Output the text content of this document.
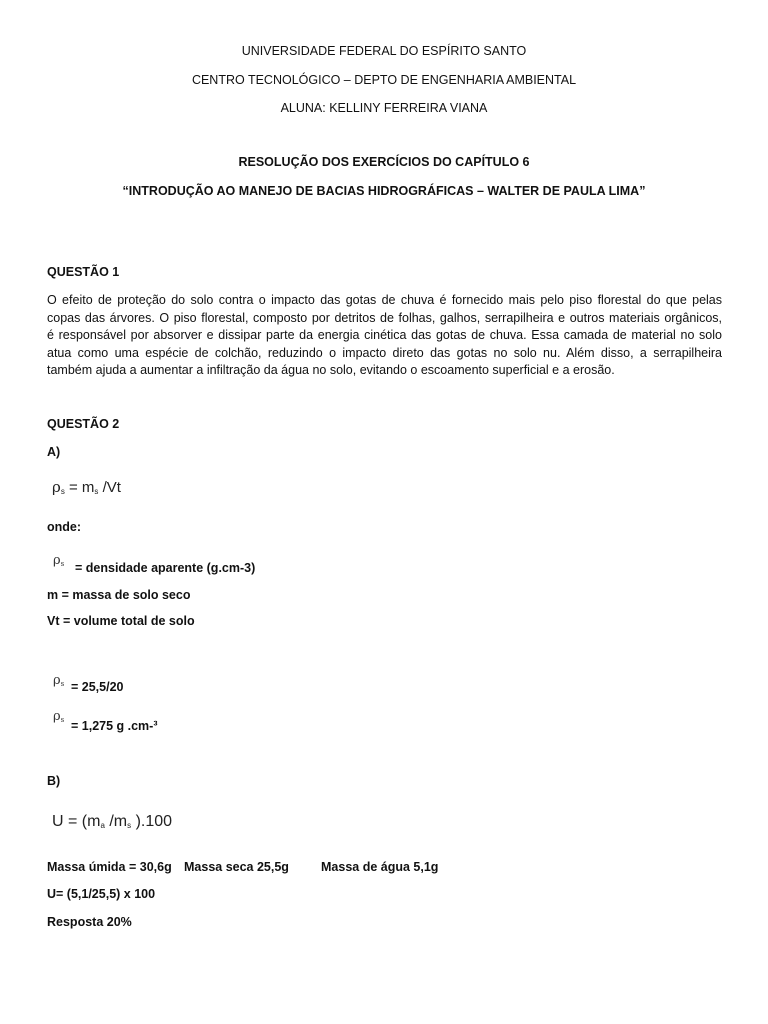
UNIVERSIDADE FEDERAL DO ESPÍRITO SANTO
CENTRO TECNOLÓGICO – DEPTO DE ENGENHARIA AMBIENTAL
ALUNA: KELLINY FERREIRA VIANA
RESOLUÇÃO DOS EXERCÍCIOS DO CAPÍTULO 6
“INTRODUÇÃO AO MANEJO DE BACIAS HIDROGRÁFICAS – WALTER DE PAULA LIMA”
QUESTÃO 1
O efeito de proteção do solo contra o impacto das gotas de chuva é fornecido mais pelo piso florestal do que pelas
copas das árvores. O piso florestal, composto por detritos de folhas, galhos, serrapilheira e outros materiais orgânicos,
é responsável por absorver e dissipar parte da energia cinética das gotas de chuva. Essa camada de material no solo
atua como uma espécie de colchão, reduzindo o impacto direto das gotas no solo nu. Além disso, a serrapilheira
também ajuda a aumentar a infiltração da água no solo, evitando o escoamento superficial e a erosão.
QUESTÃO 2
A)
$\rho_s = m_s$ /Vt
onde:
$\rho_s$ = densidade aparente (g.cm-3)
m = massa de solo seco
Vt = volume total de solo
$\rho_s = 25,5/20$
$\rho_s = 1,275$ g .cm-³
B)
$U = (m_a$ $/m_s$ ).100
Massa úmida = 30,6g Massa seca 25,5g	Massa de água 5,1g
U= (5,1/25,5) x 100
Resposta 20%
